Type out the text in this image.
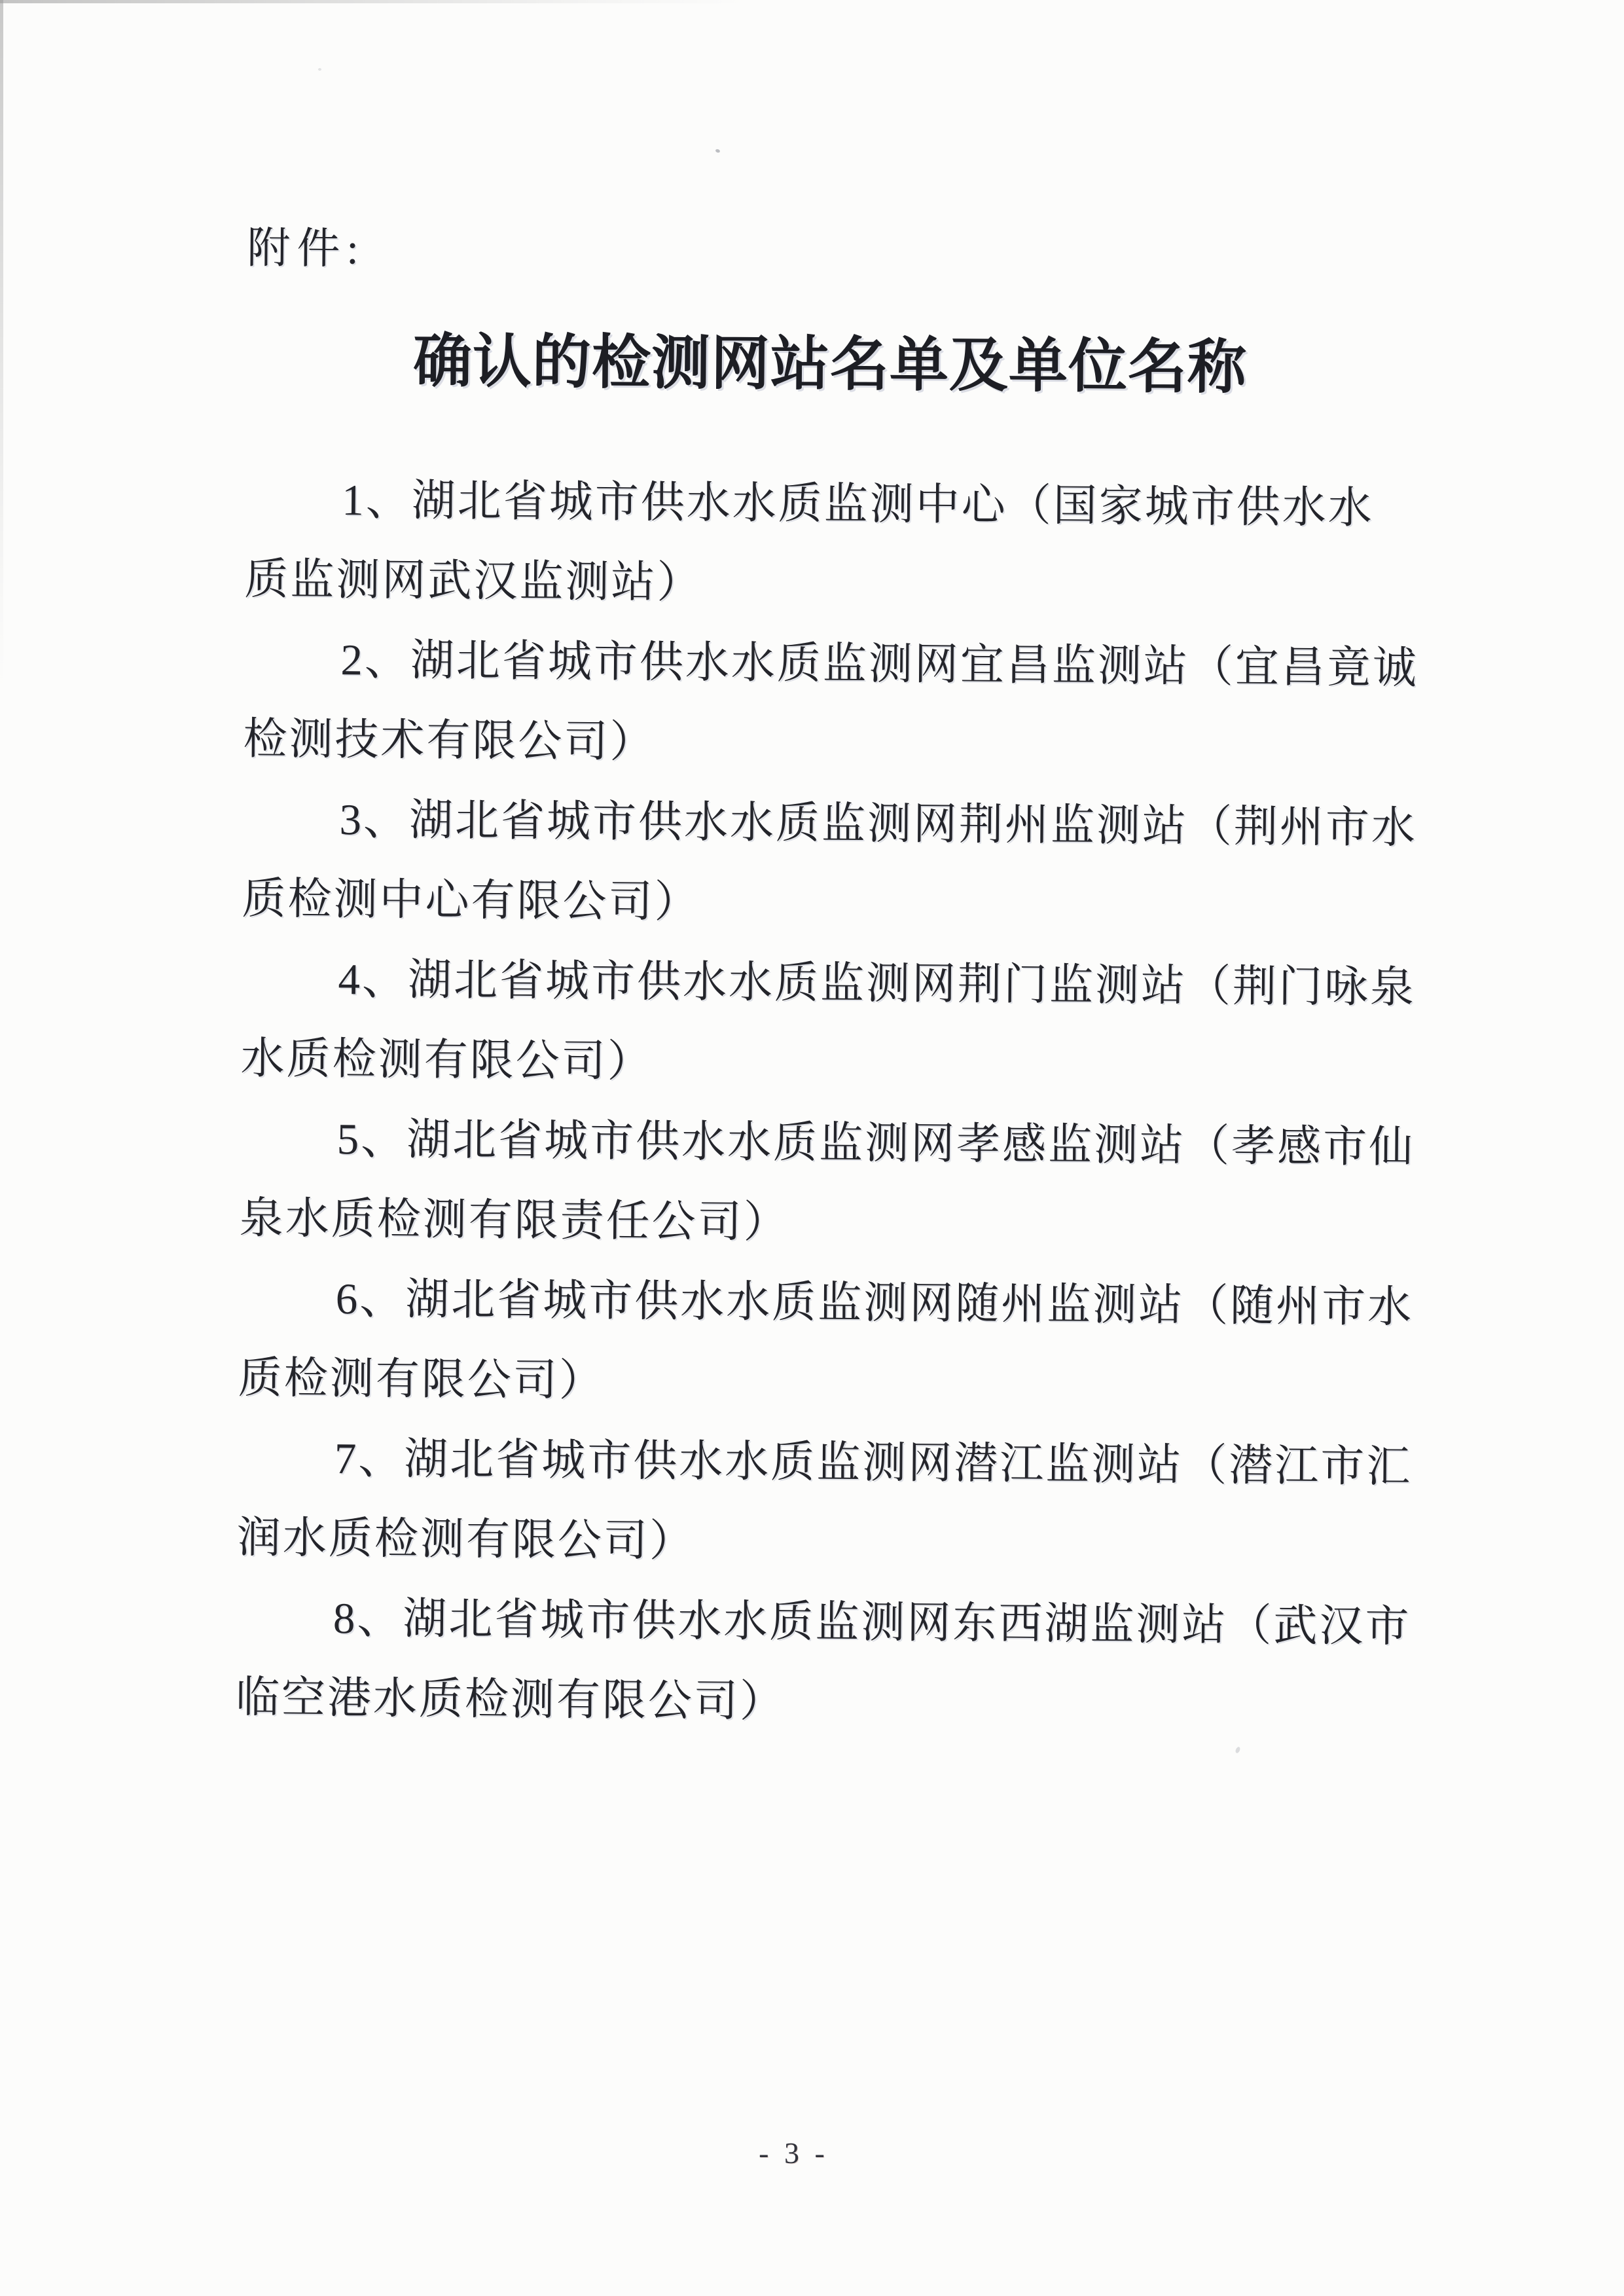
附件:
确认的检测网站名单及单位名称
1、湖北省城市供水水质监测中心（国家城市供水水
质监测网武汉监测站）
2、湖北省城市供水水质监测网宜昌监测站（宜昌竟诚
检测技术有限公司）
3、湖北省城市供水水质监测网荆州监测站（荆州市水
质检测中心有限公司）
4、湖北省城市供水水质监测网荆门监测站（荆门咏泉
水质检测有限公司）
5、湖北省城市供水水质监测网孝感监测站（孝感市仙
泉水质检测有限责任公司）
6、湖北省城市供水水质监测网随州监测站（随州市水
质检测有限公司）
7、湖北省城市供水水质监测网潜江监测站（潜江市汇
润水质检测有限公司）
8、湖北省城市供水水质监测网东西湖监测站（武汉市
临空港水质检测有限公司）
- 3 -
